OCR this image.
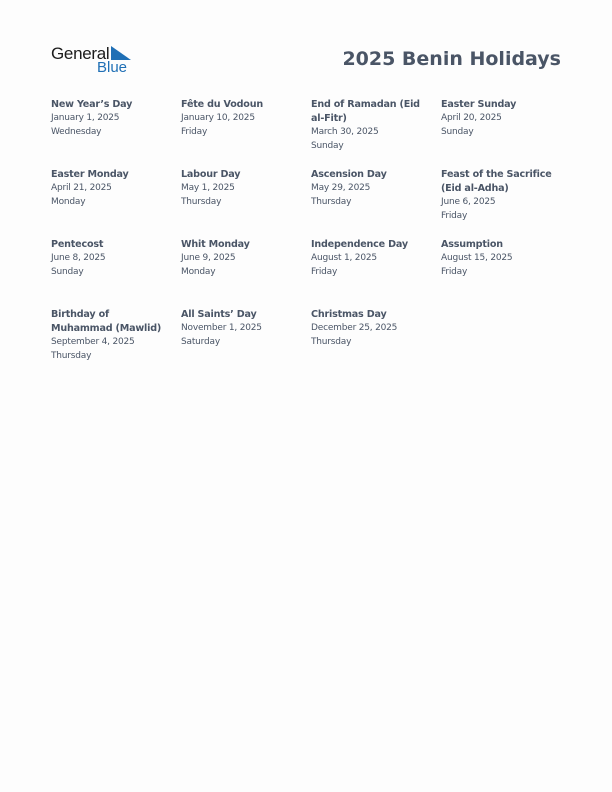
General
Blue	2025 Benin Holidays

New Year’s Day

January 1, 2025

Wednesday

Fête du Vodoun

January 10, 2025

Friday

End of Ramadan (Eid al-Fitr)

March 30, 2025

Sunday

Easter Sunday

April 20, 2025

Sunday

Easter Monday

April 21, 2025

Monday

Labour Day

May 1, 2025

Thursday

Ascension Day

May 29, 2025

Thursday

Feast of the Sacrifice (Eid al-Adha)

June 6, 2025

Friday

Pentecost

June 8, 2025

Sunday

Whit Monday

June 9, 2025

Monday

Independence Day

August 1, 2025

Friday

Assumption

August 15, 2025

Friday

Birthday of Muhammad (Mawlid)

September 4, 2025

Thursday

All Saints’ Day

November 1, 2025

Saturday

Christmas Day

December 25, 2025

Thursday
